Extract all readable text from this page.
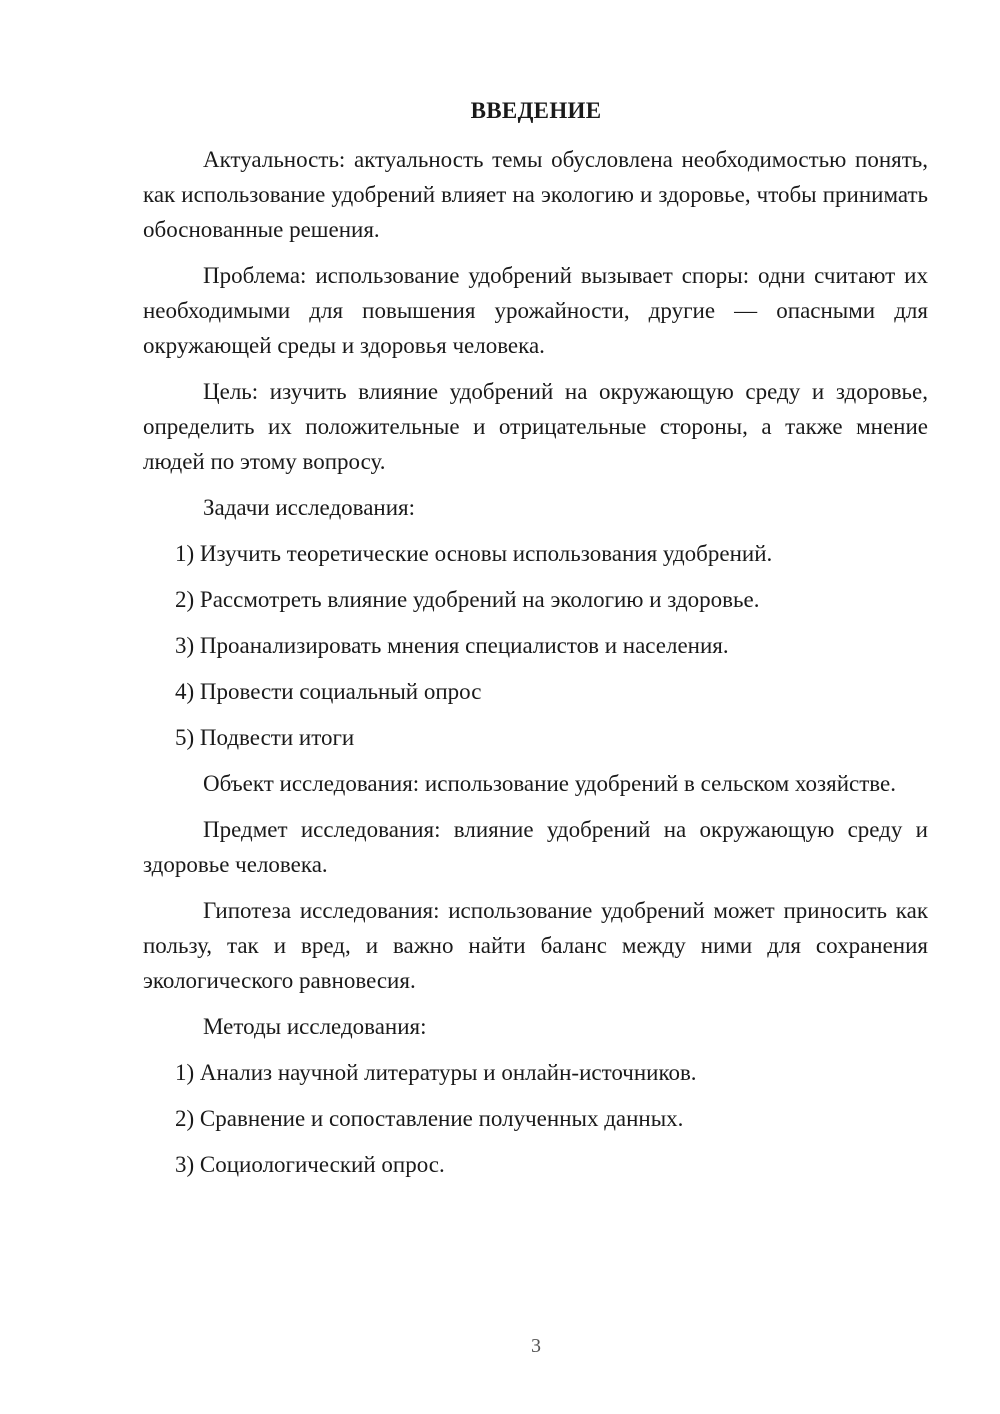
ВВЕДЕНИЕ

Актуальность: актуальность темы обусловлена необходимостью понять, как использование удобрений влияет на экологию и здоровье, чтобы принимать обоснованные решения.

Проблема: использование удобрений вызывает споры: одни считают их необходимыми для повышения урожайности, другие — опасными для окружающей среды и здоровья человека.

Цель: изучить влияние удобрений на окружающую среду и здоровье, определить их положительные и отрицательные стороны, а также мнение людей по этому вопросу.

Задачи исследования:

1) Изучить теоретические основы использования удобрений.

2) Рассмотреть влияние удобрений на экологию и здоровье.

3) Проанализировать мнения специалистов и населения.

4) Провести социальный опрос

5) Подвести итоги

Объект исследования: использование удобрений в сельском хозяйстве.

Предмет исследования: влияние удобрений на окружающую среду и здоровье человека.

Гипотеза исследования: использование удобрений может приносить как пользу, так и вред, и важно найти баланс между ними для сохранения экологического равновесия.

Методы исследования:

1) Анализ научной литературы и онлайн-источников.

2) Сравнение и сопоставление полученных данных.

3) Социологический опрос.

3
